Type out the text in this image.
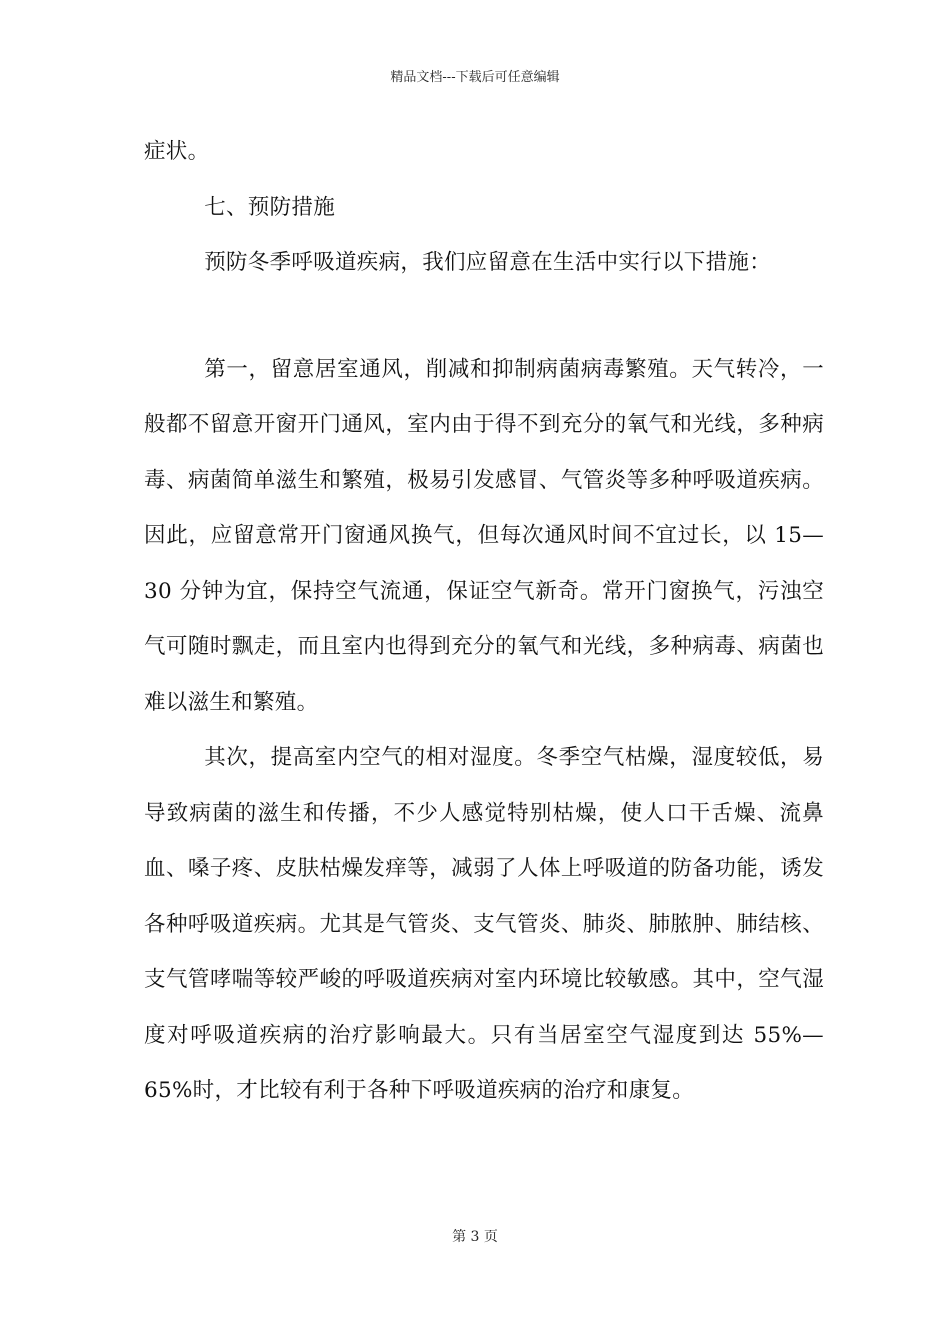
精品文档---下载后可任意编辑

症状。

七、预防措施

预防冬季呼吸道疾病，我们应留意在生活中实行以下措施：

第一，留意居室通风，削减和抑制病菌病毒繁殖。天气转冷，一般都不留意开窗开门通风，室内由于得不到充分的氧气和光线，多种病毒、病菌简单滋生和繁殖，极易引发感冒、气管炎等多种呼吸道疾病。因此，应留意常开门窗通风换气，但每次通风时间不宜过长，以 15—30 分钟为宜，保持空气流通，保证空气新奇。常开门窗换气，污浊空气可随时飘走，而且室内也得到充分的氧气和光线，多种病毒、病菌也难以滋生和繁殖。

其次，提高室内空气的相对湿度。冬季空气枯燥，湿度较低，易导致病菌的滋生和传播，不少人感觉特别枯燥，使人口干舌燥、流鼻血、嗓子疼、皮肤枯燥发痒等，减弱了人体上呼吸道的防备功能，诱发各种呼吸道疾病。尤其是气管炎、支气管炎、肺炎、肺脓肿、肺结核、支气管哮喘等较严峻的呼吸道疾病对室内环境比较敏感。其中，空气湿度对呼吸道疾病的治疗影响最大。只有当居室空气湿度到达 55%—65%时，才比较有利于各种下呼吸道疾病的治疗和康复。

第 3 页
